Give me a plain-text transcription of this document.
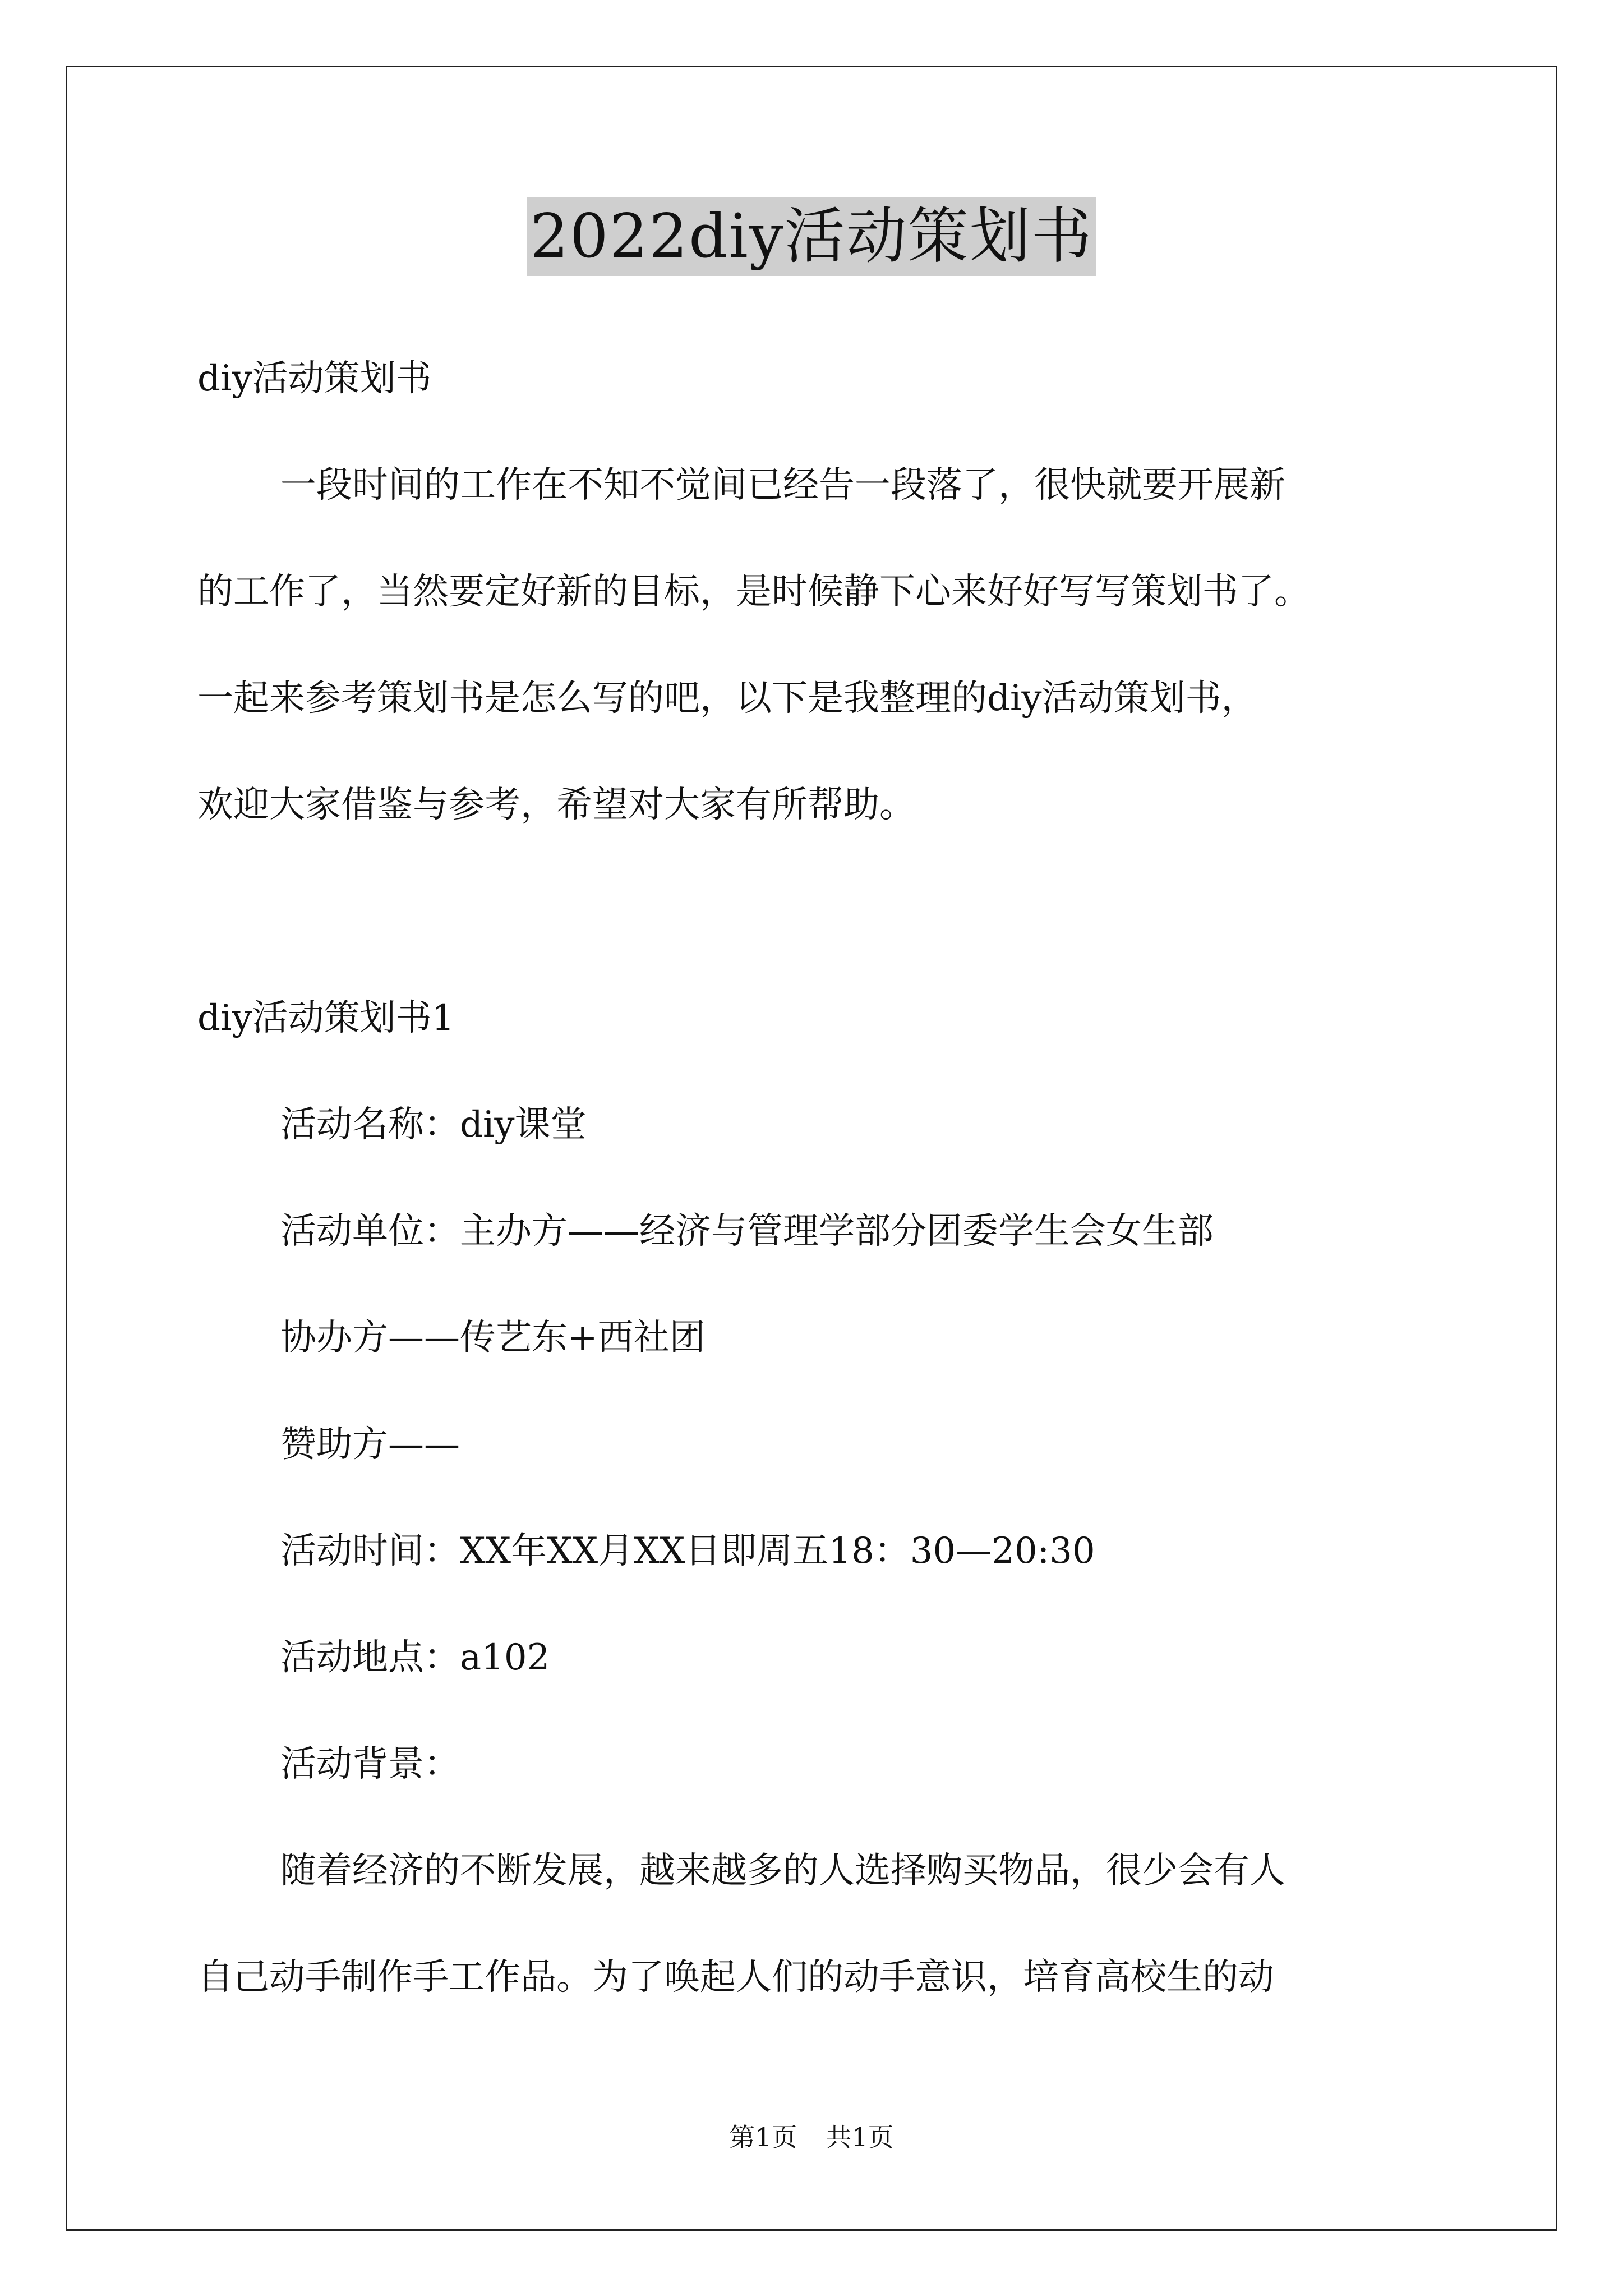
2022diy活动策划书
diy活动策划书
一段时间的工作在不知不觉间已经告一段落了，很快就要开展新
的工作了，当然要定好新的目标，是时候静下心来好好写写策划书了。
一起来参考策划书是怎么写的吧，以下是我整理的diy活动策划书，
欢迎大家借鉴与参考，希望对大家有所帮助。
diy活动策划书1
活动名称：diy课堂
活动单位：主办方——经济与管理学部分团委学生会女生部
协办方——传艺东+西社团
赞助方——
活动时间：XX年XX月XX日即周五18：30—20:30
活动地点：a102
活动背景：
随着经济的不断发展，越来越多的人选择购买物品，很少会有人
自己动手制作手工作品。为了唤起人们的动手意识，培育高校生的动
第1页 共1页
